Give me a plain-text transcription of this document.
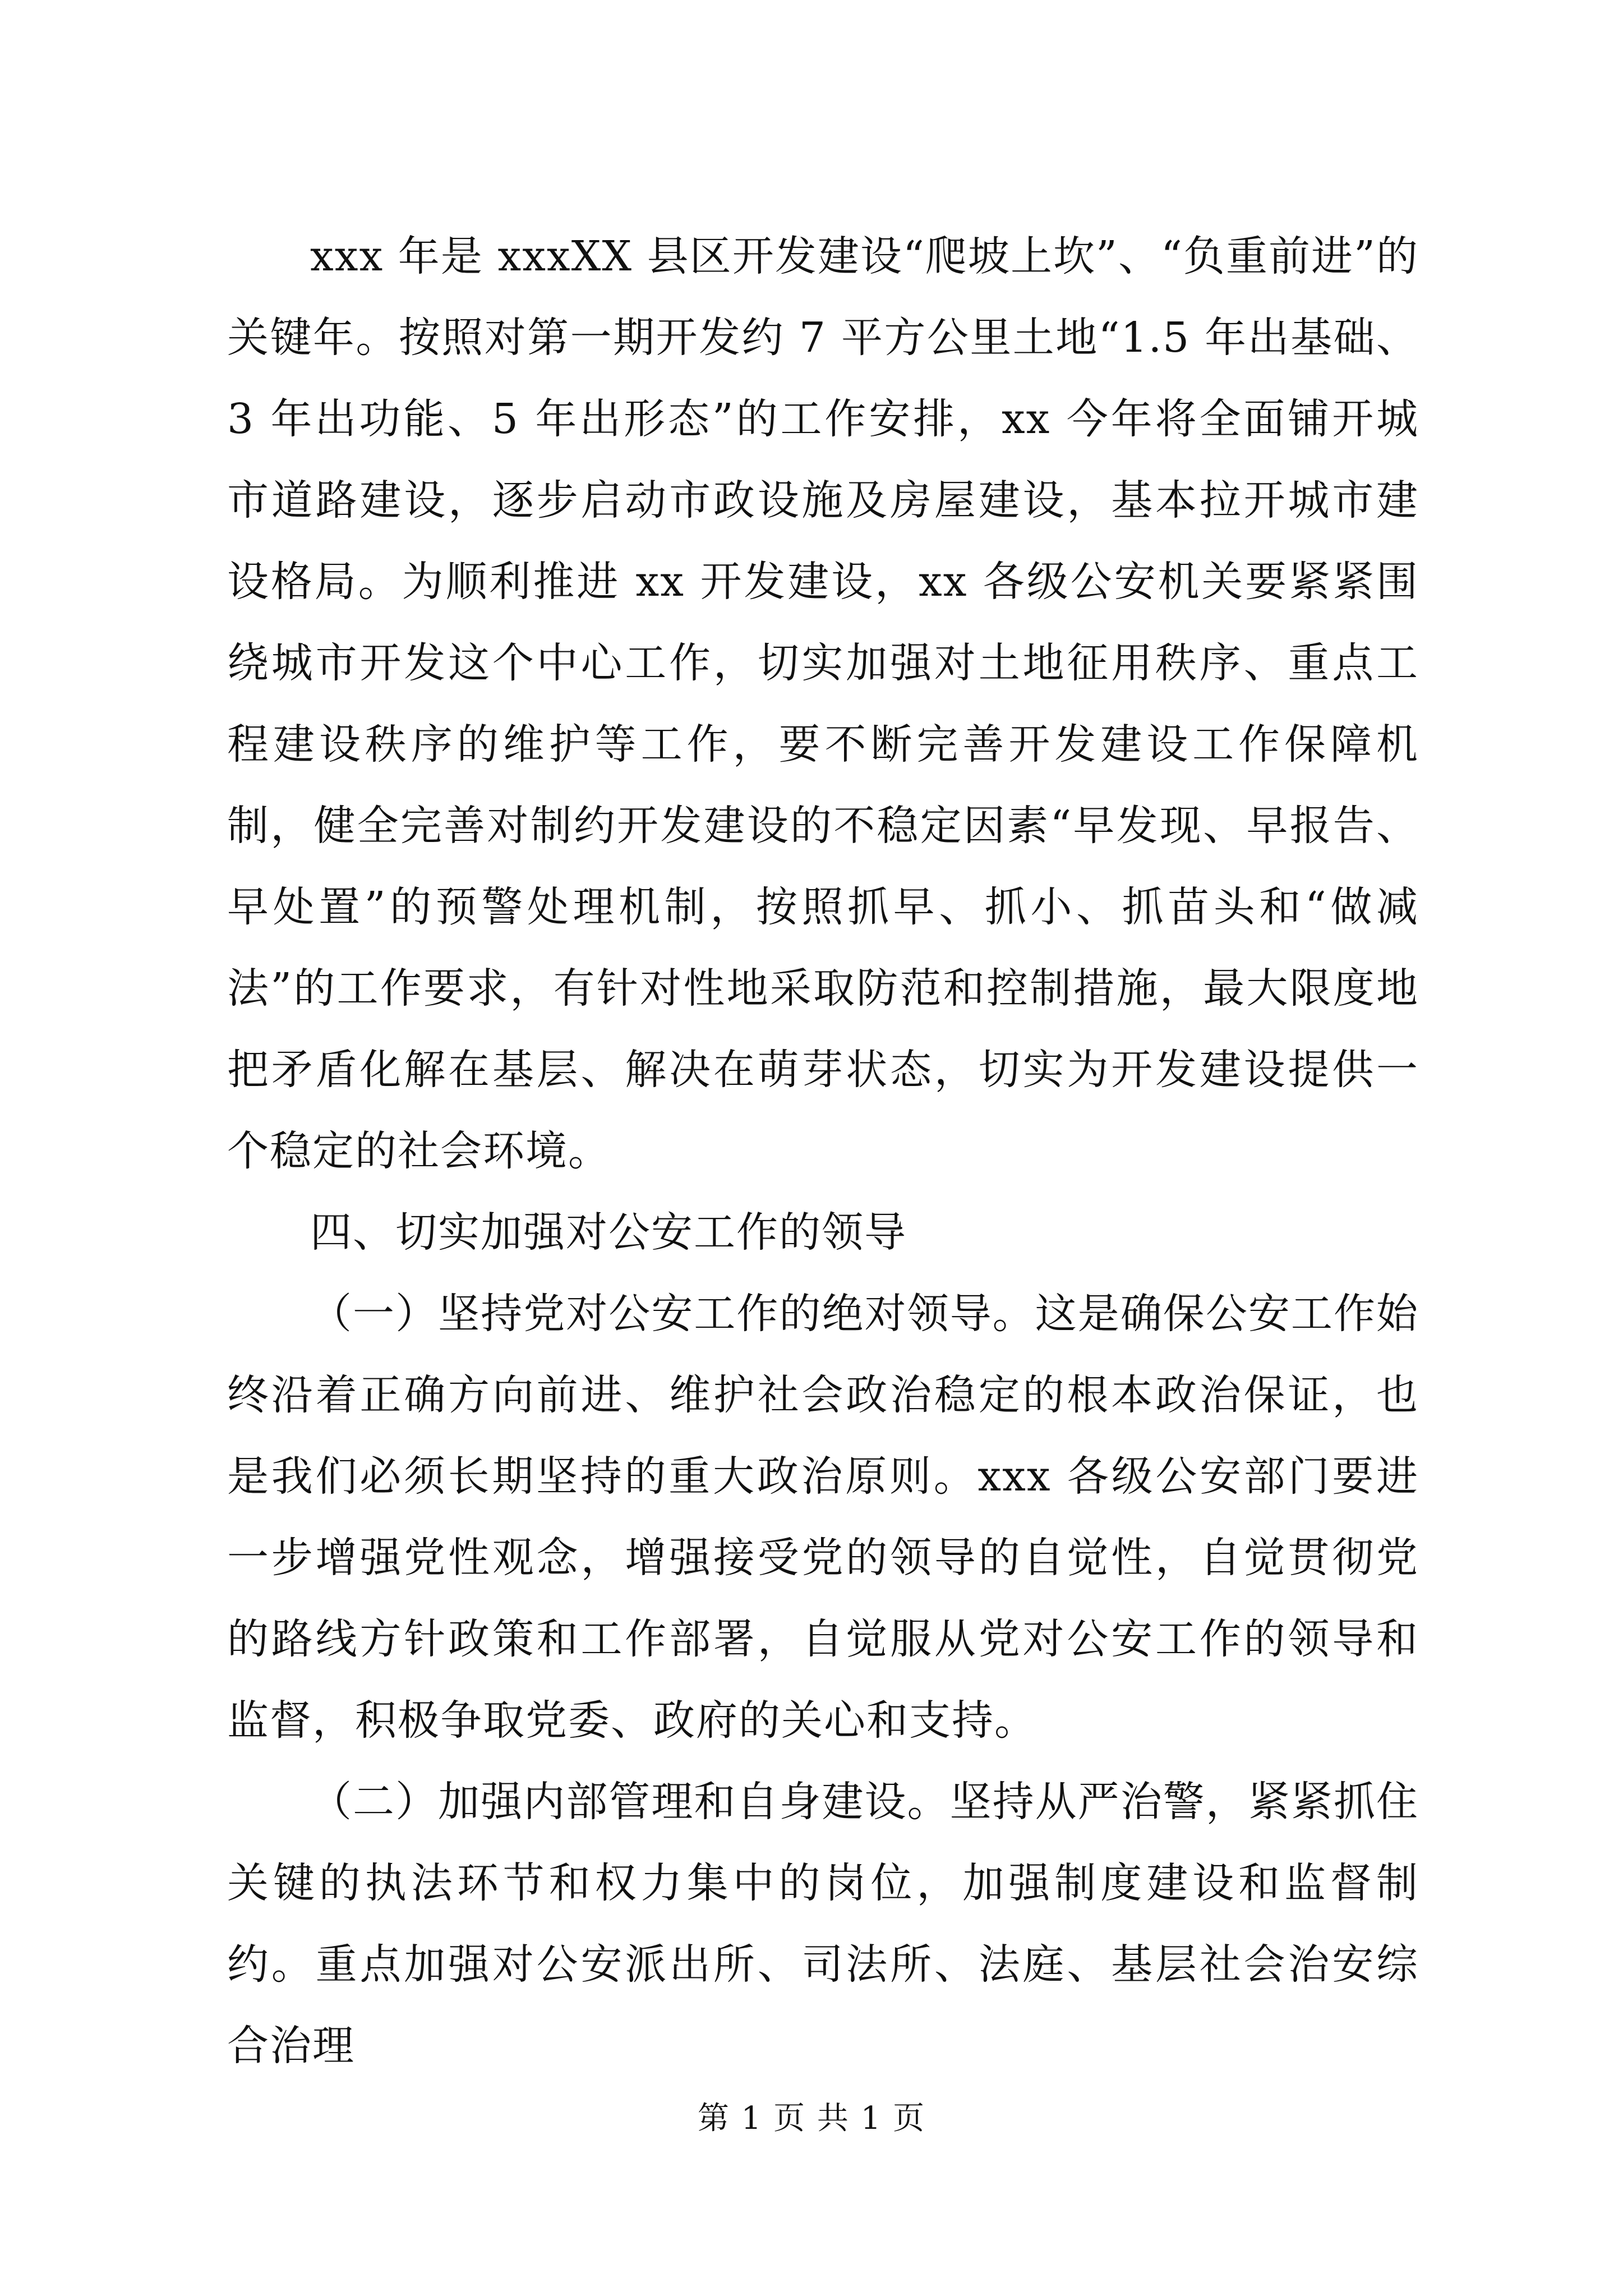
xxx 年是 xxxXX 县区开发建设“爬坡上坎”、“负重前进”的关键年。按照对第一期开发约 7 平方公里土地“1.5 年出基础、3 年出功能、5 年出形态”的工作安排，xx 今年将全面铺开城市道路建设，逐步启动市政设施及房屋建设，基本拉开城市建设格局。为顺利推进 xx 开发建设，xx 各级公安机关要紧紧围绕城市开发这个中心工作，切实加强对土地征用秩序、重点工程建设秩序的维护等工作，要不断完善开发建设工作保障机制，健全完善对制约开发建设的不稳定因素“早发现、早报告、早处置”的预警处理机制，按照抓早、抓小、抓苗头和“做减法”的工作要求，有针对性地采取防范和控制措施，最大限度地把矛盾化解在基层、解决在萌芽状态，切实为开发建设提供一个稳定的社会环境。

四、切实加强对公安工作的领导

（一）坚持党对公安工作的绝对领导。这是确保公安工作始终沿着正确方向前进、维护社会政治稳定的根本政治保证，也是我们必须长期坚持的重大政治原则。xxx 各级公安部门要进一步增强党性观念，增强接受党的领导的自觉性，自觉贯彻党的路线方针政策和工作部署，自觉服从党对公安工作的领导和监督，积极争取党委、政府的关心和支持。

（二）加强内部管理和自身建设。坚持从严治警，紧紧抓住关键的执法环节和权力集中的岗位，加强制度建设和监督制约。重点加强对公安派出所、司法所、法庭、基层社会治安综合治理

第 1 页 共 1 页
